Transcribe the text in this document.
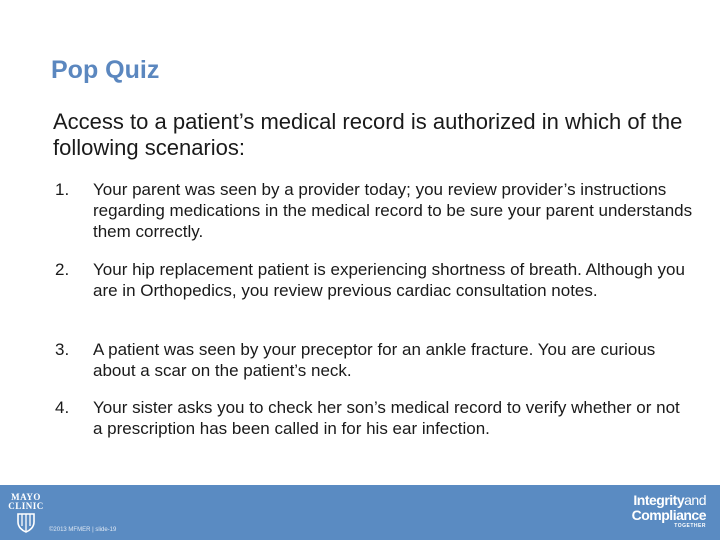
Pop Quiz
Access to a patient’s medical record is authorized in which of the following scenarios:
1. Your parent was seen by a provider today; you review provider’s instructions regarding medications in the medical record to be sure your parent understands them correctly.
2. Your hip replacement patient is experiencing shortness of breath. Although you are in Orthopedics, you review previous cardiac consultation notes.
3. A patient was seen by your preceptor for an ankle fracture. You are curious about a scar on the patient’s neck.
4. Your sister asks you to check her son’s medical record to verify whether or not a prescription has been called in for his ear infection.
MAYO
CLINIC
©2013 MFMER | slide-19
Integrityand
Compliance
TOGETHER
